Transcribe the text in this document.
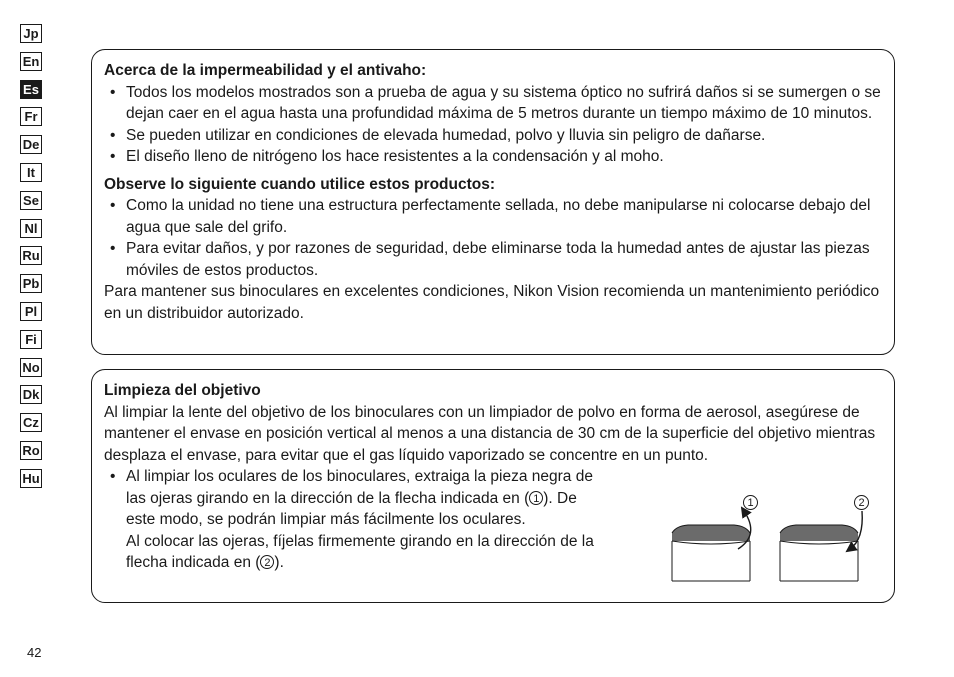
Jp
En
Es
Fr
De
It
Se
Nl
Ru
Pb
Pl
Fi
No
Dk
Cz
Ro
Hu
Acerca de la impermeabilidad y el antivaho:
• Todos los modelos mostrados son a prueba de agua y su sistema óptico no sufrirá daños si se sumergen o se dejan caer en el agua hasta una profundidad máxima de 5 metros durante un tiempo máximo de 10 minutos.
• Se pueden utilizar en condiciones de elevada humedad, polvo y lluvia sin peligro de dañarse.
• El diseño lleno de nitrógeno los hace resistentes a la condensación y al moho.
Observe lo siguiente cuando utilice estos productos:
• Como la unidad no tiene una estructura perfectamente sellada, no debe manipularse ni colocarse debajo del agua que sale del grifo.
• Para evitar daños, y por razones de seguridad, debe eliminarse toda la humedad antes de ajustar las piezas móviles de estos productos.
Para mantener sus binoculares en excelentes condiciones, Nikon Vision recomienda un mantenimiento periódico en un distribuidor autorizado.
Limpieza del objetivo
Al limpiar la lente del objetivo de los binoculares con un limpiador de polvo en forma de aerosol, asegúrese de mantener el envase en posición vertical al menos a una distancia de 30 cm de la superficie del objetivo mientras desplaza el envase, para evitar que el gas líquido vaporizado se concentre en un punto.
• Al limpiar los oculares de los binoculares, extraiga la pieza negra de las ojeras girando en la dirección de la flecha indicada en ( 1 ). De este modo, se podrán limpiar más fácilmente los oculares.
Al colocar las ojeras, fíjelas firmemente girando en la dirección de la flecha indicada en ( 2 ).
1	2
42
